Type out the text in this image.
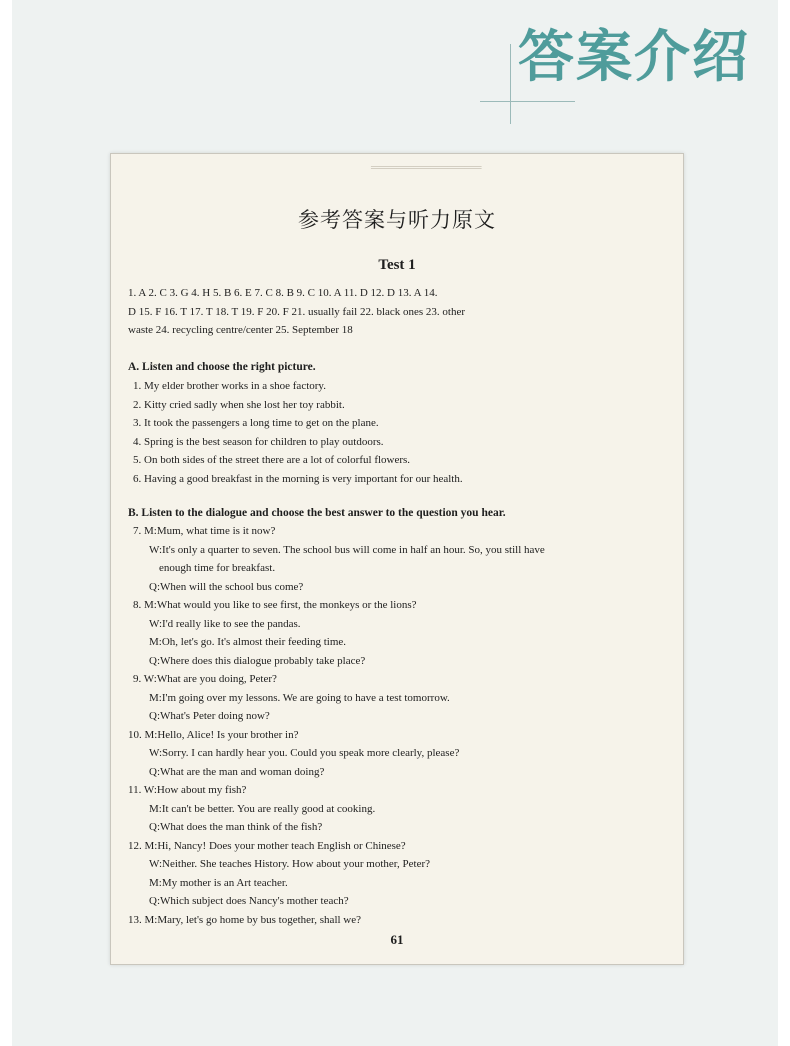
答案介绍
═════════════
参考答案与听力原文
Test 1
1. A 2. C 3. G 4. H 5. B 6. E 7. C 8. B 9. C 10. A 11. D 12. D 13. A 14.
D 15. F 16. T 17. T 18. T 19. F 20. F 21. usually fail 22. black ones 23. other
waste 24. recycling centre/center 25. September 18
A. Listen and choose the right picture.
1. My elder brother works in a shoe factory.
2. Kitty cried sadly when she lost her toy rabbit.
3. It took the passengers a long time to get on the plane.
4. Spring is the best season for children to play outdoors.
5. On both sides of the street there are a lot of colorful flowers.
6. Having a good breakfast in the morning is very important for our health.
B. Listen to the dialogue and choose the best answer to the question you hear.
7. M:Mum, what time is it now?
W:It's only a quarter to seven. The school bus will come in half an hour. So, you still have
enough time for breakfast.
Q:When will the school bus come?
8. M:What would you like to see first, the monkeys or the lions?
W:I'd really like to see the pandas.
M:Oh, let's go. It's almost their feeding time.
Q:Where does this dialogue probably take place?
9. W:What are you doing, Peter?
M:I'm going over my lessons. We are going to have a test tomorrow.
Q:What's Peter doing now?
10. M:Hello, Alice! Is your brother in?
W:Sorry. I can hardly hear you. Could you speak more clearly, please?
Q:What are the man and woman doing?
11. W:How about my fish?
M:It can't be better. You are really good at cooking.
Q:What does the man think of the fish?
12. M:Hi, Nancy! Does your mother teach English or Chinese?
W:Neither. She teaches History. How about your mother, Peter?
M:My mother is an Art teacher.
Q:Which subject does Nancy's mother teach?
13. M:Mary, let's go home by bus together, shall we?
61
